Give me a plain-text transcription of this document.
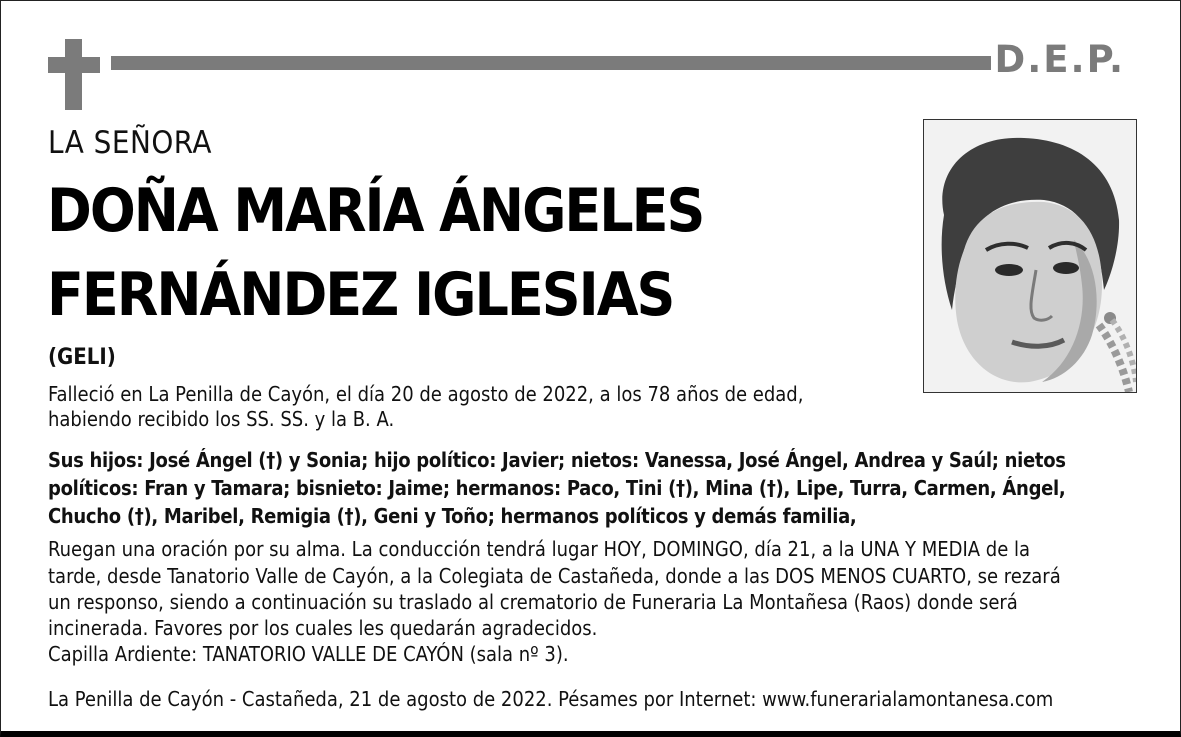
D.E.P.
LA SEÑORA
DOÑA MARÍA ÁNGELES
FERNÁNDEZ IGLESIAS
(GELI)
Falleció en La Penilla de Cayón, el día 20 de agosto de 2022, a los 78 años de edad,
habiendo recibido los SS. SS. y la B. A.
Sus hijos: José Ángel (†) y Sonia; hijo político: Javier; nietos: Vanessa, José Ángel, Andrea y Saúl; nietos
políticos: Fran y Tamara; bisnieto: Jaime; hermanos: Paco, Tini (†), Mina (†), Lipe, Turra, Carmen, Ángel,
Chucho (†), Maribel, Remigia (†), Geni y Toño; hermanos políticos y demás familia,
Ruegan una oración por su alma. La conducción tendrá lugar HOY, DOMINGO, día 21, a la UNA Y MEDIA de la
tarde, desde Tanatorio Valle de Cayón, a la Colegiata de Castañeda, donde a las DOS MENOS CUARTO, se rezará
un responso, siendo a continuación su traslado al crematorio de Funeraria La Montañesa (Raos) donde será
incinerada. Favores por los cuales les quedarán agradecidos.
Capilla Ardiente: TANATORIO VALLE DE CAYÓN (sala nº 3).
La Penilla de Cayón - Castañeda, 21 de agosto de 2022. Pésames por Internet: www.funerarialamontanesa.com
